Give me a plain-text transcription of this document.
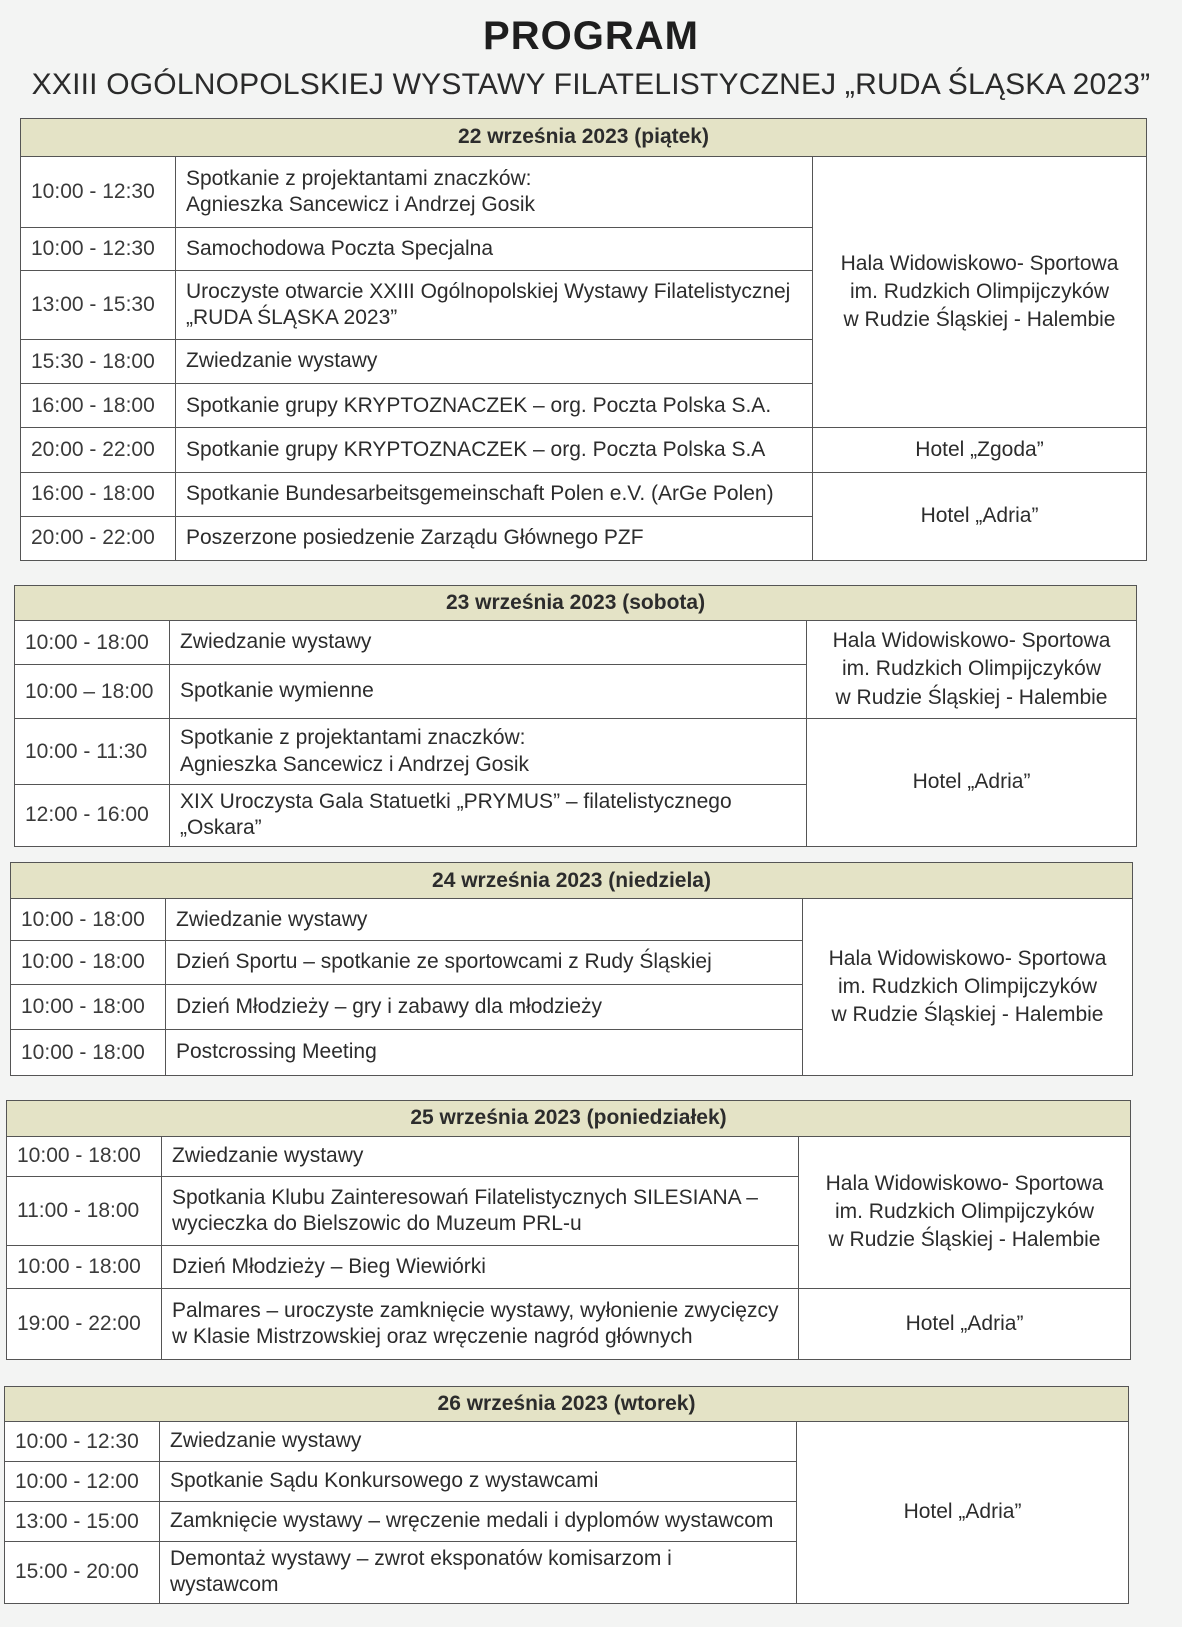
PROGRAM
XXIII OGÓLNOPOLSKIEJ WYSTAWY FILATELISTYCZNEJ „RUDA ŚLĄSKA 2023”
22 września 2023 (piątek)		
10:00 - 12:30	Spotkanie z projektantami znaczków:
Agnieszka Sancewicz i Andrzej Gosik	Hala Widowiskowo- Sportowa
im. Rudzkich Olimpijczyków
w Rudzie Śląskiej - Halembie

10:00 - 12:30	Samochodowa Poczta Specjalna	
13:00 - 15:30	Uroczyste otwarcie XXIII Ogólnopolskiej Wystawy Filatelistycznej
„RUDA ŚLĄSKA 2023”	
15:30 - 18:00	Zwiedzanie wystawy	
16:00 - 18:00	Spotkanie grupy KRYPTOZNACZEK – org. Poczta Polska S.A.	
20:00 - 22:00	Spotkanie grupy KRYPTOZNACZEK – org. Poczta Polska S.A	Hotel „Zgoda”
16:00 - 18:00	Spotkanie Bundesarbeitsgemeinschaft Polen e.V. (ArGe Polen)	Hotel „Adria”
20:00 - 22:00	Poszerzone posiedzenie Zarządu Głównego PZF	
23 września 2023 (sobota)		
10:00 - 18:00	Zwiedzanie wystawy	Hala Widowiskowo- Sportowa
im. Rudzkich Olimpijczyków
w Rudzie Śląskiej - Halembie

10:00 – 18:00	Spotkanie wymienne	
10:00 - 11:30	Spotkanie z projektantami znaczków:
Agnieszka Sancewicz i Andrzej Gosik	Hotel „Adria”
12:00 - 16:00	XIX Uroczysta Gala Statuetki „PRYMUS” – filatelistycznego „Oskara”	
24 września 2023 (niedziela)		
10:00 - 18:00	Zwiedzanie wystawy	Hala Widowiskowo- Sportowa
im. Rudzkich Olimpijczyków
w Rudzie Śląskiej - Halembie

10:00 - 18:00	Dzień Sportu – spotkanie ze sportowcami z Rudy Śląskiej	
10:00 - 18:00	Dzień Młodzieży – gry i zabawy dla młodzieży	
10:00 - 18:00	Postcrossing Meeting	
25 września 2023 (poniedziałek)		
10:00 - 18:00	Zwiedzanie wystawy	Hala Widowiskowo- Sportowa
im. Rudzkich Olimpijczyków
w Rudzie Śląskiej - Halembie

11:00 - 18:00	Spotkania Klubu Zainteresowań Filatelistycznych SILESIANA –
wycieczka do Bielszowic do Muzeum PRL-u	
10:00 - 18:00	Dzień Młodzieży – Bieg Wiewiórki	
19:00 - 22:00	Palmares – uroczyste zamknięcie wystawy, wyłonienie zwycięzcy
w Klasie Mistrzowskiej oraz wręczenie nagród głównych	Hotel „Adria”
26 września 2023 (wtorek)		
10:00 - 12:30	Zwiedzanie wystawy	Hotel „Adria”
10:00 - 12:00	Spotkanie Sądu Konkursowego z wystawcami	
13:00 - 15:00	Zamknięcie wystawy – wręczenie medali i dyplomów wystawcom	
15:00 - 20:00	Demontaż wystawy – zwrot eksponatów komisarzom i wystawcom	
